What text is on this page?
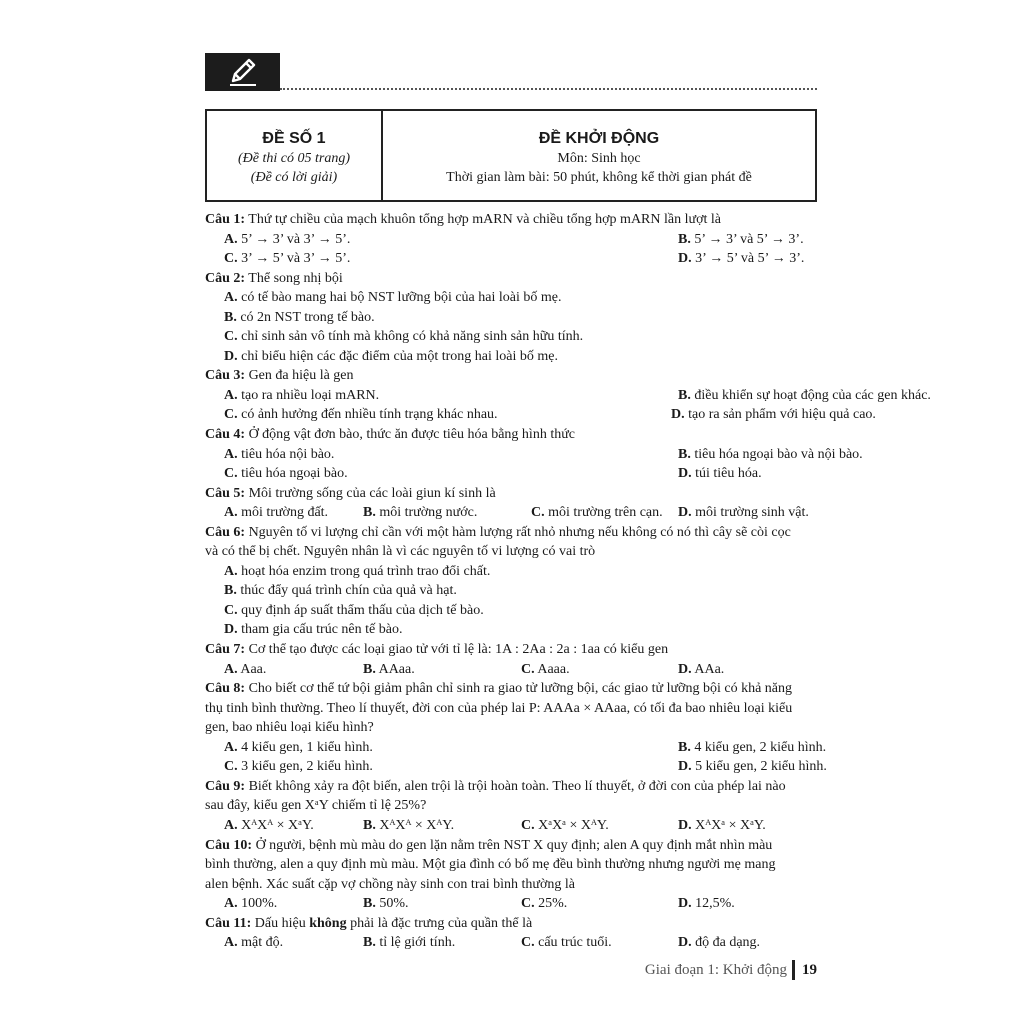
ĐỀ SỐ 1
(Đề thi có 05 trang)
(Đề có lời giải)
ĐỀ KHỞI ĐỘNG
Môn: Sinh học
Thời gian làm bài: 50 phút, không kể thời gian phát đề
Câu 1: Thứ tự chiều của mạch khuôn tổng hợp mARN và chiều tổng hợp mARN lần lượt là
A. 5’ → 3’ và 3’ → 5’.	B. 5’ → 3’ và 5’ → 3’.
C. 3’ → 5’ và 3’ → 5’.	D. 3’ → 5’ và 5’ → 3’.
Câu 2: Thể song nhị bội
A. có tế bào mang hai bộ NST lưỡng bội của hai loài bố mẹ.
B. có 2n NST trong tế bào.
C. chỉ sinh sản vô tính mà không có khả năng sinh sản hữu tính.
D. chỉ biểu hiện các đặc điểm của một trong hai loài bố mẹ.
Câu 3: Gen đa hiệu là gen
A. tạo ra nhiều loại mARN.	B. điều khiển sự hoạt động của các gen khác.
C. có ảnh hưởng đến nhiều tính trạng khác nhau.	D. tạo ra sản phẩm với hiệu quả cao.
Câu 4: Ở động vật đơn bào, thức ăn được tiêu hóa bằng hình thức
A. tiêu hóa nội bào.	B. tiêu hóa ngoại bào và nội bào.
C. tiêu hóa ngoại bào.	D. túi tiêu hóa.
Câu 5: Môi trường sống của các loài giun kí sinh là
A. môi trường đất. B. môi trường nước.	C. môi trường trên cạn. D. môi trường sinh vật.
Câu 6: Nguyên tố vi lượng chỉ cần với một hàm lượng rất nhỏ nhưng nếu không có nó thì cây sẽ còi cọc
và có thể bị chết. Nguyên nhân là vì các nguyên tố vi lượng có vai trò
A. hoạt hóa enzim trong quá trình trao đổi chất.
B. thúc đẩy quá trình chín của quả và hạt.
C. quy định áp suất thẩm thấu của dịch tế bào.
D. tham gia cấu trúc nên tế bào.
Câu 7: Cơ thể tạo được các loại giao tử với tỉ lệ là: 1A : 2Aa : 2a : 1aa có kiểu gen
A. Aaa.	B. AAaa.	C. Aaaa.	D. AAa.
Câu 8: Cho biết cơ thể tứ bội giảm phân chỉ sinh ra giao tử lưỡng bội, các giao tử lưỡng bội có khả năng
thụ tinh bình thường. Theo lí thuyết, đời con của phép lai P: AAAa × AAaa, có tối đa bao nhiêu loại kiểu
gen, bao nhiêu loại kiểu hình?
A. 4 kiểu gen, 1 kiểu hình.	B. 4 kiểu gen, 2 kiểu hình.
C. 3 kiểu gen, 2 kiểu hình.	D. 5 kiểu gen, 2 kiểu hình.
Câu 9: Biết không xảy ra đột biến, alen trội là trội hoàn toàn. Theo lí thuyết, ở đời con của phép lai nào
sau đây, kiểu gen XᵃY chiếm tỉ lệ 25%?
A. XᴬXᴬ × XᵃY.	B. XᴬXᴬ × XᴬY.	C. XᵃXᵃ × XᴬY.	D. XᴬXᵃ × XᵃY.
Câu 10: Ở người, bệnh mù màu do gen lặn nằm trên NST X quy định; alen A quy định mắt nhìn màu
bình thường, alen a quy định mù màu. Một gia đình có bố mẹ đều bình thường nhưng người mẹ mang
alen bệnh. Xác suất cặp vợ chồng này sinh con trai bình thường là
A. 100%.	B. 50%.	C. 25%.	D. 12,5%.
Câu 11: Dấu hiệu không phải là đặc trưng của quần thể là
A. mật độ.	B. tỉ lệ giới tính.	C. cấu trúc tuổi.	D. độ đa dạng.
Giai đoạn 1: Khởi động 19
